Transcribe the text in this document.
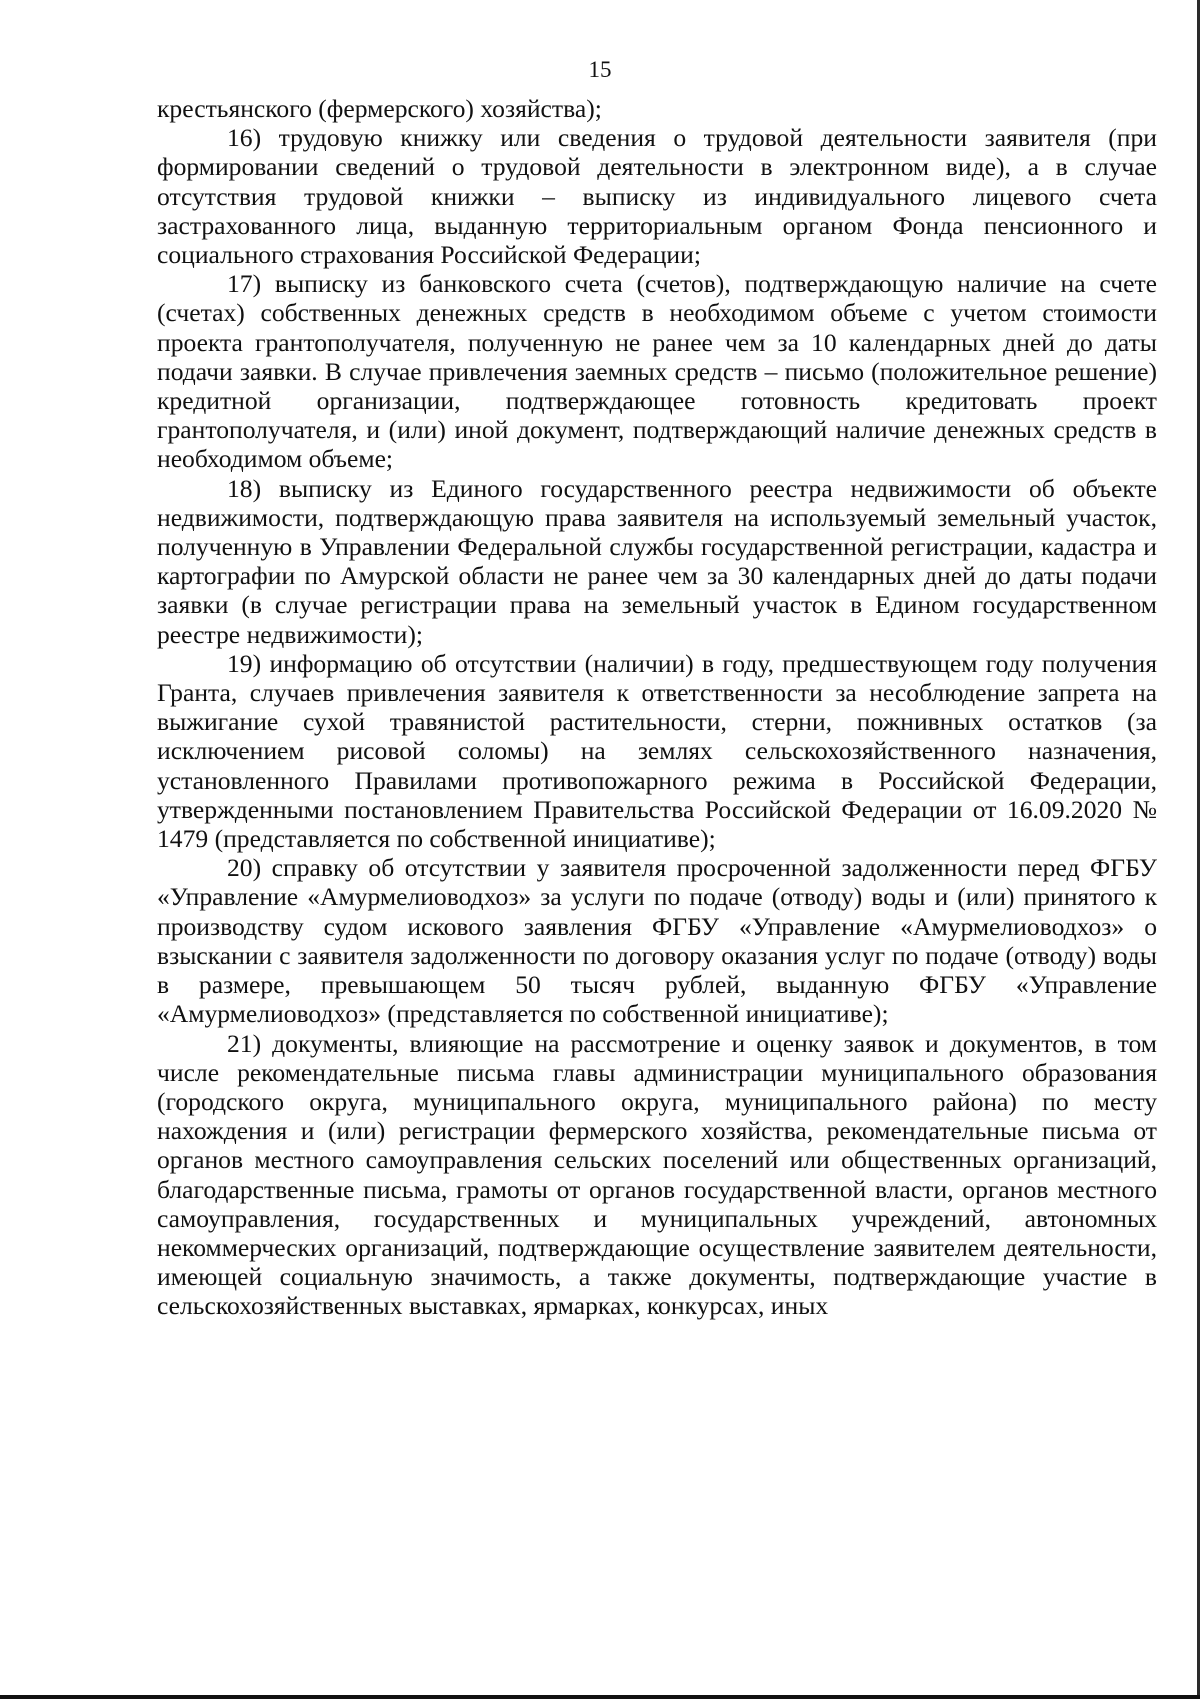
15

крестьянского (фермерского) хозяйства);

16) трудовую книжку или сведения о трудовой деятельности заявителя (при формировании сведений о трудовой деятельности в электронном виде), а в случае отсутствия трудовой книжки – выписку из индивидуального лицевого счета застрахованного лица, выданную территориальным органом Фонда пенсионного и социального страхования Российской Федерации;

17) выписку из банковского счета (счетов), подтверждающую наличие на счете (счетах) собственных денежных средств в необходимом объеме с учетом стоимости проекта грантополучателя, полученную не ранее чем за 10 календарных дней до даты подачи заявки. В случае привлечения заемных средств – письмо (положительное решение) кредитной организации, подтверждающее готовность кредитовать проект грантополучателя, и (или) иной документ, подтверждающий наличие денежных средств в необходимом объеме;

18) выписку из Единого государственного реестра недвижимости об объекте недвижимости, подтверждающую права заявителя на используемый земельный участок, полученную в Управлении Федеральной службы государственной регистрации, кадастра и картографии по Амурской области не ранее чем за 30 календарных дней до даты подачи заявки (в случае регистрации права на земельный участок в Едином государственном реестре недвижимости);

19) информацию об отсутствии (наличии) в году, предшествующем году получения Гранта, случаев привлечения заявителя к ответственности за несоблюдение запрета на выжигание сухой травянистой растительности, стерни, пожнивных остатков (за исключением рисовой соломы) на землях сельскохозяйственного назначения, установленного Правилами противопожарного режима в Российской Федерации, утвержденными постановлением Правительства Российской Федерации от 16.09.2020 № 1479 (представляется по собственной инициативе);

20) справку об отсутствии у заявителя просроченной задолженности перед ФГБУ «Управление «Амурмелиоводхоз» за услуги по подаче (отводу) воды и (или) принятого к производству судом искового заявления ФГБУ «Управление «Амурмелиоводхоз» о взыскании с заявителя задолженности по договору оказания услуг по подаче (отводу) воды в размере, превышающем 50 тысяч рублей, выданную ФГБУ «Управление «Амурмелиоводхоз» (представляется по собственной инициативе);

21) документы, влияющие на рассмотрение и оценку заявок и документов, в том числе рекомендательные письма главы администрации муниципального образования (городского округа, муниципального округа, муниципального района) по месту нахождения и (или) регистрации фермерского хозяйства, рекомендательные письма от органов местного самоуправления сельских поселений или общественных организаций, благодарственные письма, грамоты от органов государственной власти, органов местного самоуправления, государственных и муниципальных учреждений, автономных некоммерческих организаций, подтверждающие осуществление заявителем деятельности, имеющей социальную значимость, а также документы, подтверждающие участие в сельскохозяйственных выставках, ярмарках, конкурсах, иных
